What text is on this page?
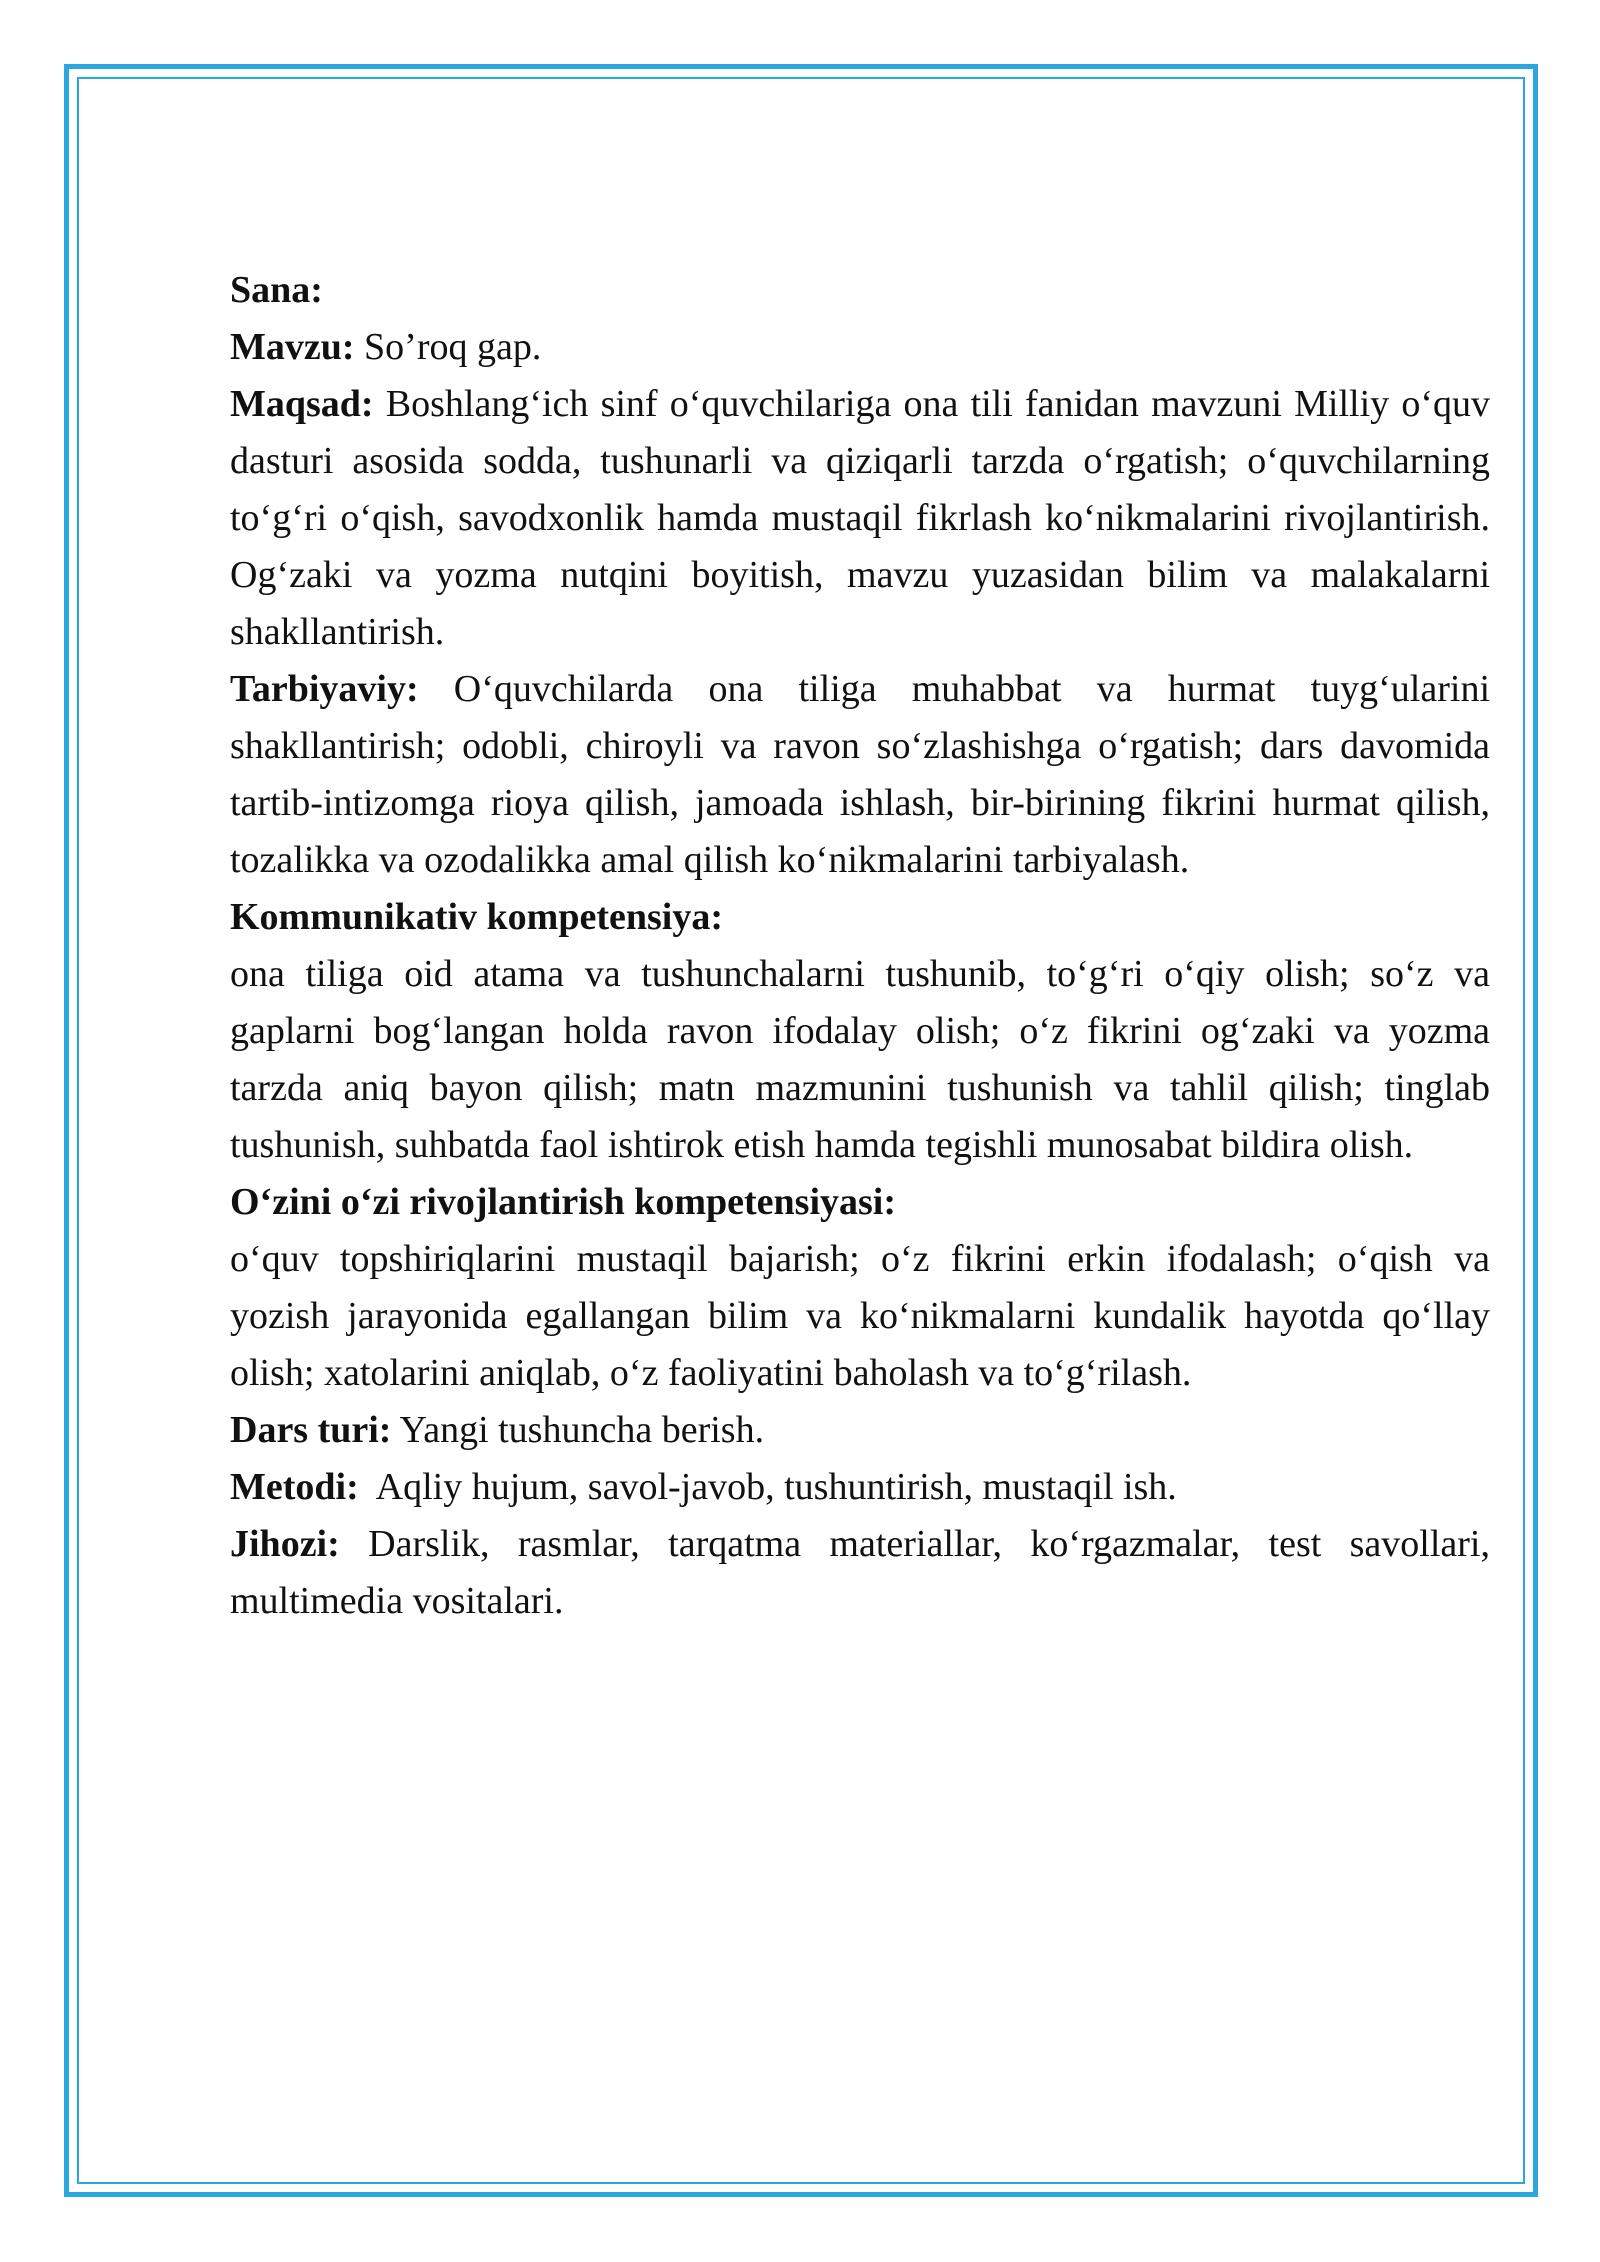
Sana:

Mavzu: So’roq gap.

Maqsad: Boshlang‘ich sinf o‘quvchilariga ona tili fanidan mavzuni Milliy o‘quv dasturi asosida sodda, tushunarli va qiziqarli tarzda o‘rgatish; o‘quvchilarning to‘g‘ri o‘qish, savodxonlik hamda mustaqil fikrlash ko‘nikmalarini rivojlantirish. Og‘zaki va yozma nutqini boyitish, mavzu yuzasidan bilim va malakalarni shakllantirish.

Tarbiyaviy: O‘quvchilarda ona tiliga muhabbat va hurmat tuyg‘ularini shakllantirish; odobli, chiroyli va ravon so‘zlashishga o‘rgatish; dars davomida tartib-intizomga rioya qilish, jamoada ishlash, bir-birining fikrini hurmat qilish, tozalikka va ozodalikka amal qilish ko‘nikmalarini tarbiyalash.

Kommunikativ kompetensiya:

ona tiliga oid atama va tushunchalarni tushunib, to‘g‘ri o‘qiy olish; so‘z va gaplarni bog‘langan holda ravon ifodalay olish; o‘z fikrini og‘zaki va yozma tarzda aniq bayon qilish; matn mazmunini tushunish va tahlil qilish; tinglab tushunish, suhbatda faol ishtirok etish hamda tegishli munosabat bildira olish.

O‘zini o‘zi rivojlantirish kompetensiyasi:

o‘quv topshiriqlarini mustaqil bajarish; o‘z fikrini erkin ifodalash; o‘qish va yozish jarayonida egallangan bilim va ko‘nikmalarni kundalik hayotda qo‘llay olish; xatolarini aniqlab, o‘z faoliyatini baholash va to‘g‘rilash.

Dars turi: Yangi tushuncha berish.

Metodi:  Aqliy hujum, savol-javob, tushuntirish, mustaqil ish.

Jihozi: Darslik, rasmlar, tarqatma materiallar, ko‘rgazmalar, test savollari, multimedia vositalari.
